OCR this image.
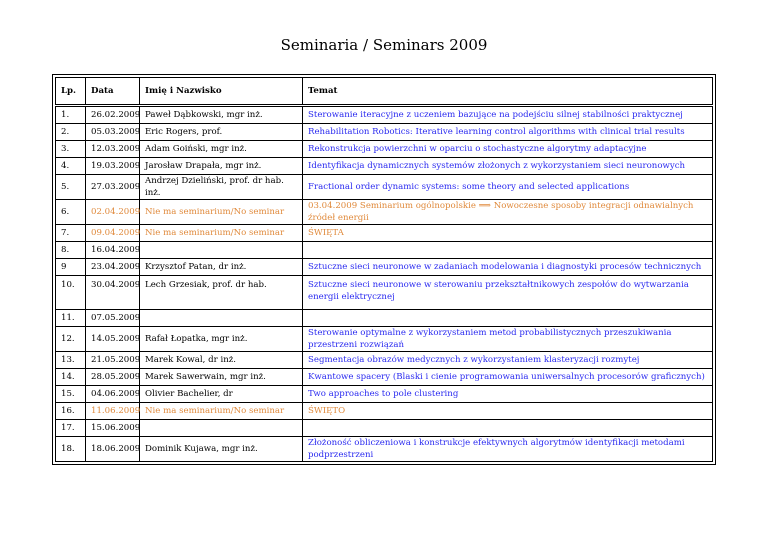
Seminaria / Seminars 2009
Lp.	Data	Imię i Nazwisko	Temat
1.	26.02.2009	Paweł Dąbkowski, mgr inż.	Sterowanie iteracyjne z uczeniem bazujące na podejściu silnej stabilności praktycznej
2.	05.03.2009	Eric Rogers, prof.	Rehabilitation Robotics: Iterative learning control algorithms with clinical trial results
3.	12.03.2009	Adam Goiński, mgr inż.	Rekonstrukcja powierzchni w oparciu o stochastyczne algorytmy adaptacyjne
4.	19.03.2009	Jarosław Drapała, mgr inż.	Identyfikacja dynamicznych systemów złożonych z wykorzystaniem sieci neuronowych
5.	27.03.2009	Andrzej Dzieliński, prof. dr hab. inż.	Fractional order dynamic systems: some theory and selected applications
6.	02.04.2009	Nie ma seminarium/No seminar	03.04.2009 Seminarium ogólnopolskie ⟹ Nowoczesne sposoby integracji odnawialnych źródeł energii
7.	09.04.2009	Nie ma seminarium/No seminar	ŚWIĘTA
8.	16.04.2009		
9	23.04.2009	Krzysztof Patan, dr inż.	Sztuczne sieci neuronowe w zadaniach modelowania i diagnostyki procesów technicznych
10.	30.04.2009	Lech Grzesiak, prof. dr hab.	Sztuczne sieci neuronowe w sterowaniu przekształtnikowych zespołów do wytwarzania energii elektrycznej
11.	07.05.2009		
12.	14.05.2009	Rafał Łopatka, mgr inż.	Sterowanie optymalne z wykorzystaniem metod probabilistycznych przeszukiwania przestrzeni rozwiązań
13.	21.05.2009	Marek Kowal, dr inż.	Segmentacja obrazów medycznych z wykorzystaniem klasteryzacji rozmytej
14.	28.05.2009	Marek Sawerwain, mgr inż.	Kwantowe spacery (Blaski i cienie programowania uniwersalnych procesorów graficznych)
15.	04.06.2009	Olivier Bachelier, dr	Two approaches to pole clustering
16.	11.06.2009	Nie ma seminarium/No seminar	ŚWIĘTO
17.	15.06.2009		
18.	18.06.2009	Dominik Kujawa, mgr inż.	Złożoność obliczeniowa i konstrukcje efektywnych algorytmów identyfikacji metodami podprzestrzeni
